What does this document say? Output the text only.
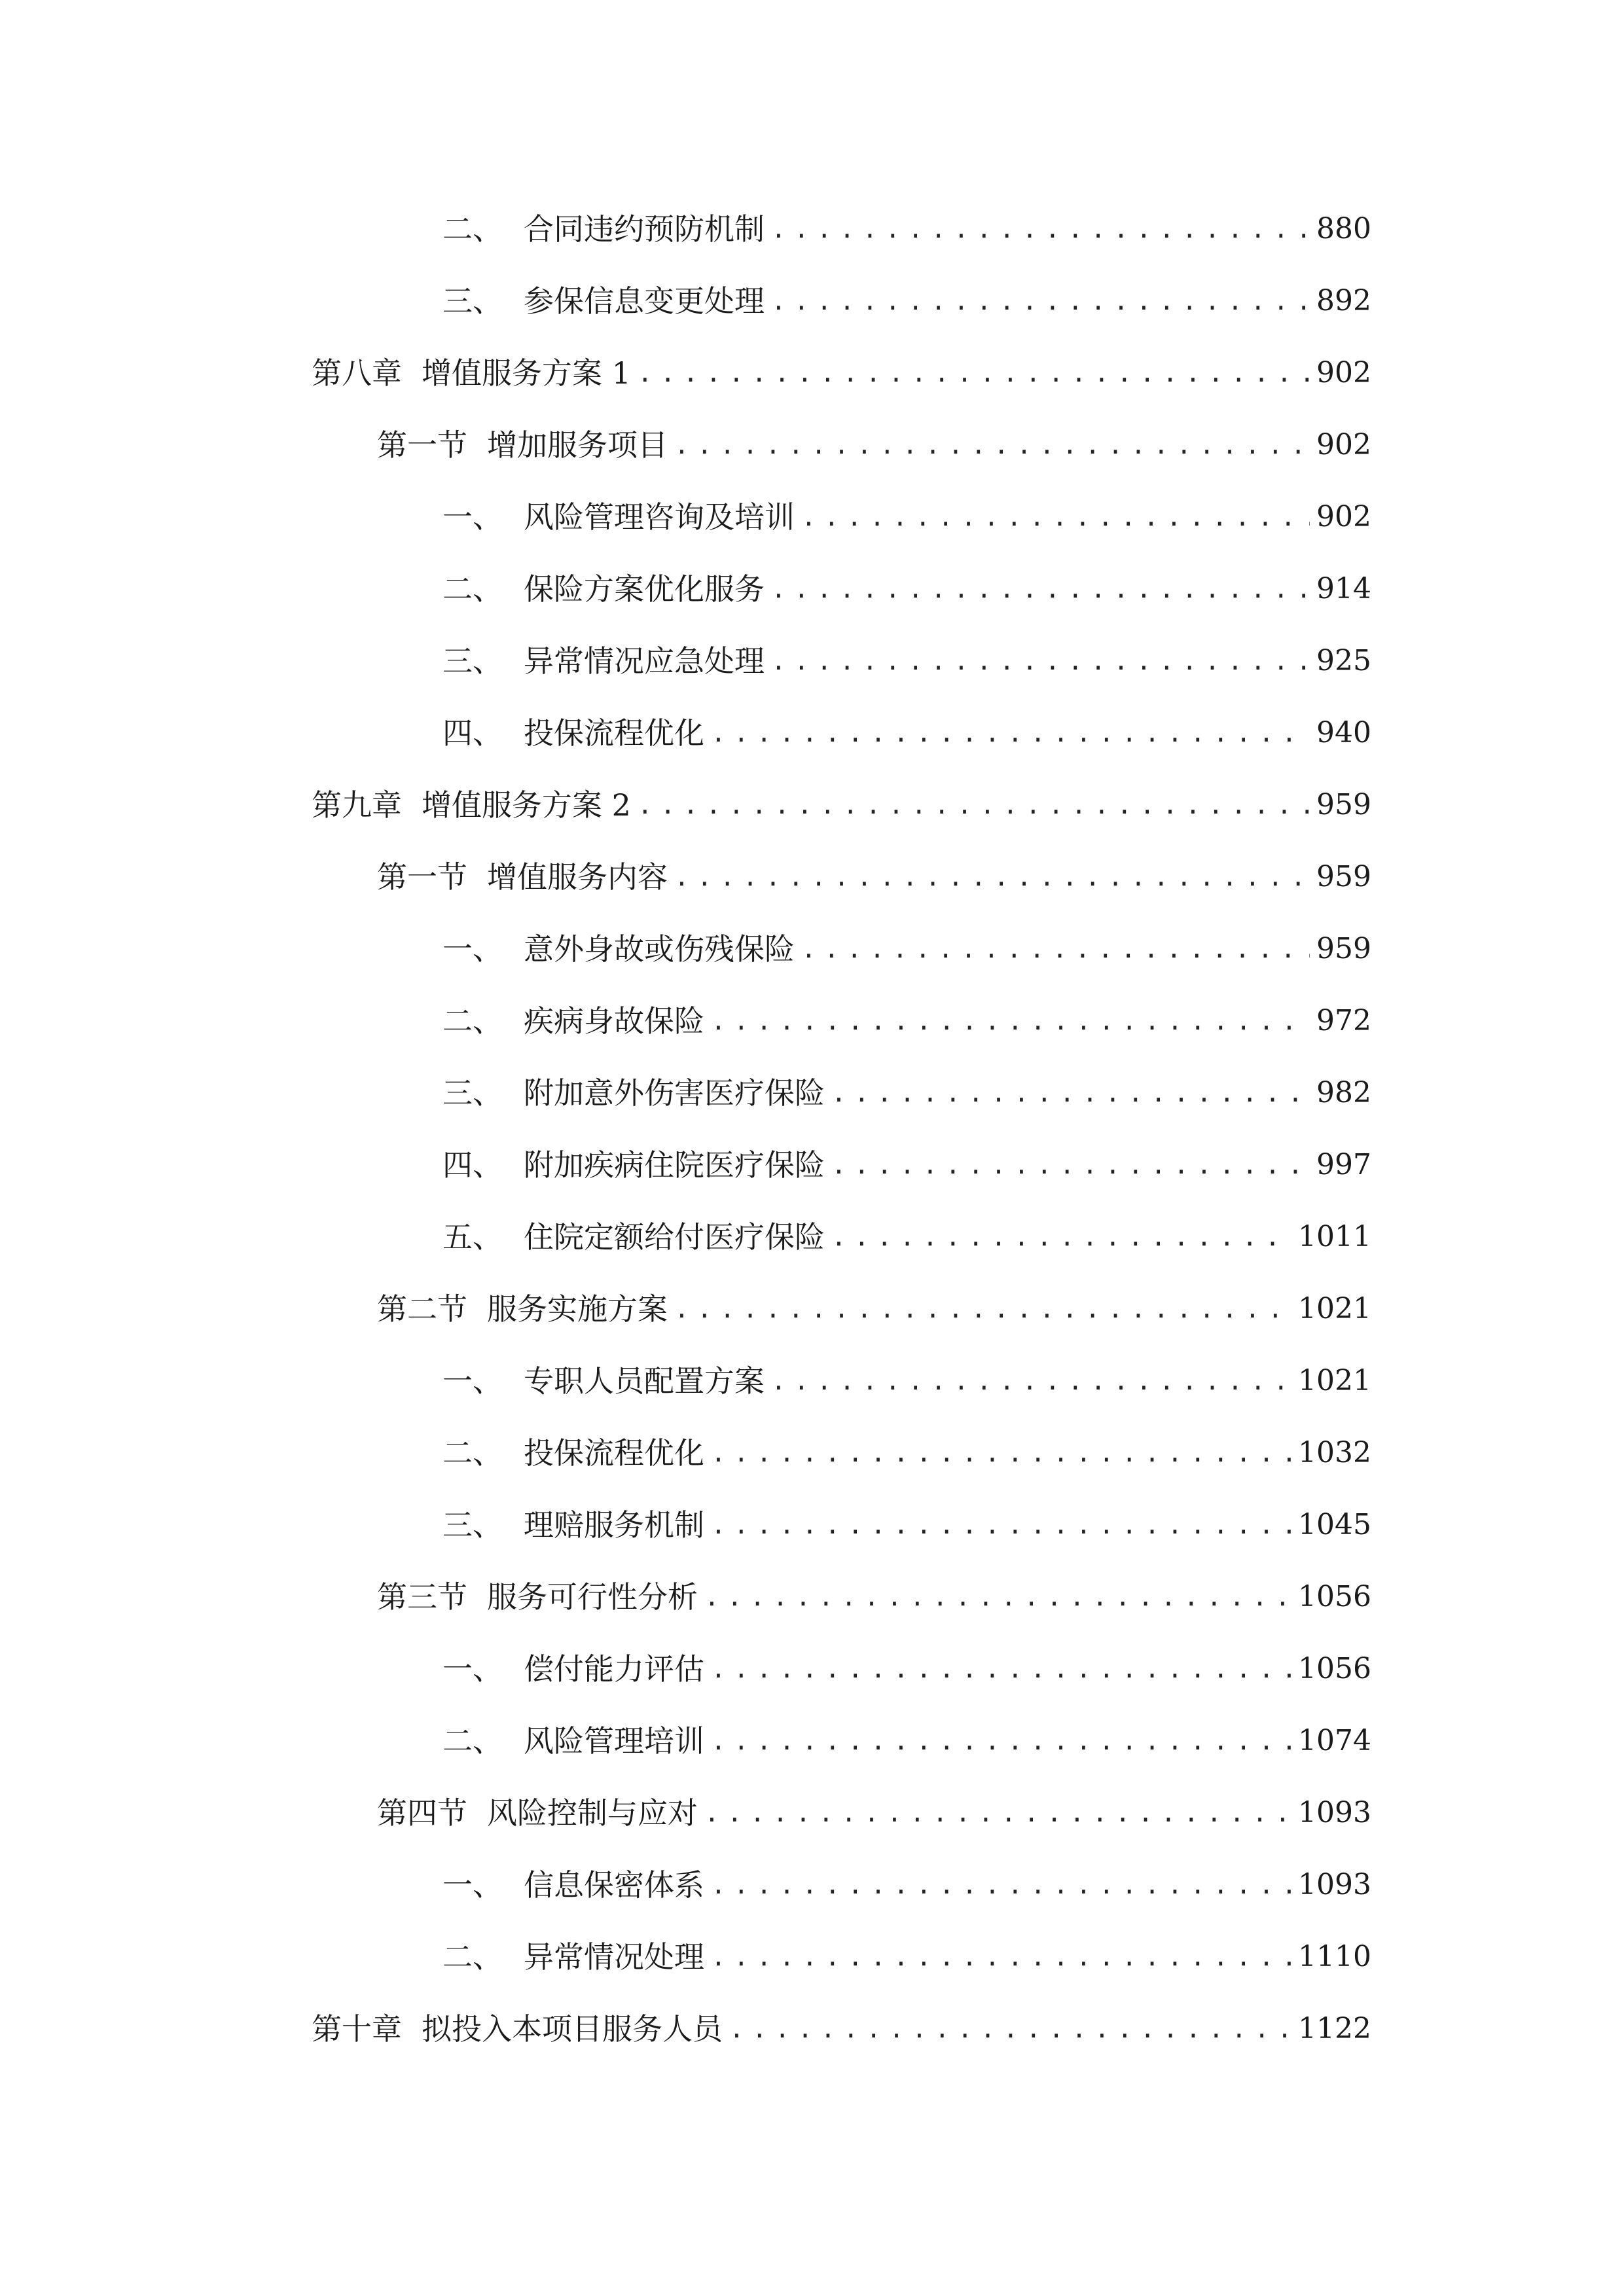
二、 合同违约预防机制 .....	880
三、 参保信息变更处理 .....	892
第八章 增值服务方案 1 .....	902
第一节 增加服务项目 .....	902
一、 风险管理咨询及培训 .....	902
二、 保险方案优化服务 .....	914
三、 异常情况应急处理 .....	925
四、 投保流程优化 .....	940
第九章 增值服务方案 2 .....	959
第一节 增值服务内容 .....	959
一、 意外身故或伤残保险 .....	959
二、 疾病身故保险 .....	972
三、 附加意外伤害医疗保险 .....	982
四、 附加疾病住院医疗保险 .....	997
五、 住院定额给付医疗保险 .....	1011
第二节 服务实施方案 .....	1021
一、 专职人员配置方案 .....	1021
二、 投保流程优化 .....	1032
三、 理赔服务机制 .....	1045
第三节 服务可行性分析 .....	1056
一、 偿付能力评估 .....	1056
二、 风险管理培训 .....	1074
第四节 风险控制与应对 .....	1093
一、 信息保密体系 .....	1093
二、 异常情况处理 .....	1110
第十章 拟投入本项目服务人员 .....	1122
